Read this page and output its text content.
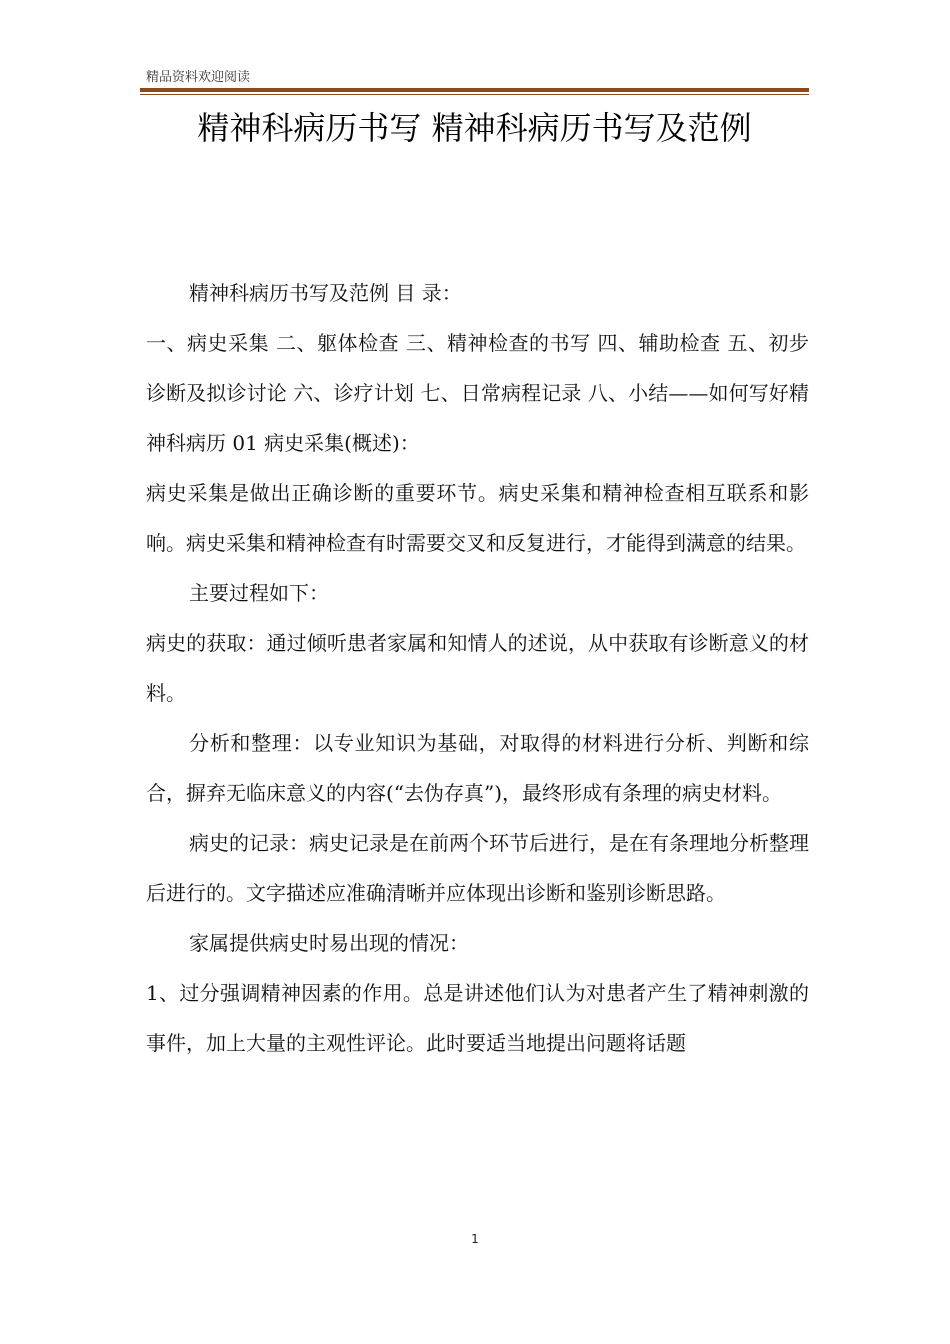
精品资料欢迎阅读
精神科病历书写 精神科病历书写及范例

精神科病历书写及范例 目 录：

一、病史采集 二、躯体检查 三、精神检查的书写 四、辅助检查 五、初步诊断及拟诊讨论 六、诊疗计划 七、日常病程记录 八、小结——如何写好精神科病历 01 病史采集(概述)：

病史采集是做出正确诊断的重要环节。病史采集和精神检查相互联系和影响。病史采集和精神检查有时需要交叉和反复进行，才能得到满意的结果。

主要过程如下：

病史的获取：通过倾听患者家属和知情人的述说，从中获取有诊断意义的材料。

分析和整理：以专业知识为基础，对取得的材料进行分析、判断和综合，摒弃无临床意义的内容(“去伪存真”)，最终形成有条理的病史材料。

病史的记录：病史记录是在前两个环节后进行，是在有条理地分析整理后进行的。文字描述应准确清晰并应体现出诊断和鉴别诊断思路。

家属提供病史时易出现的情况：

1、过分强调精神因素的作用。总是讲述他们认为对患者产生了精神刺激的事件，加上大量的主观性评论。此时要适当地提出问题将话题

1
